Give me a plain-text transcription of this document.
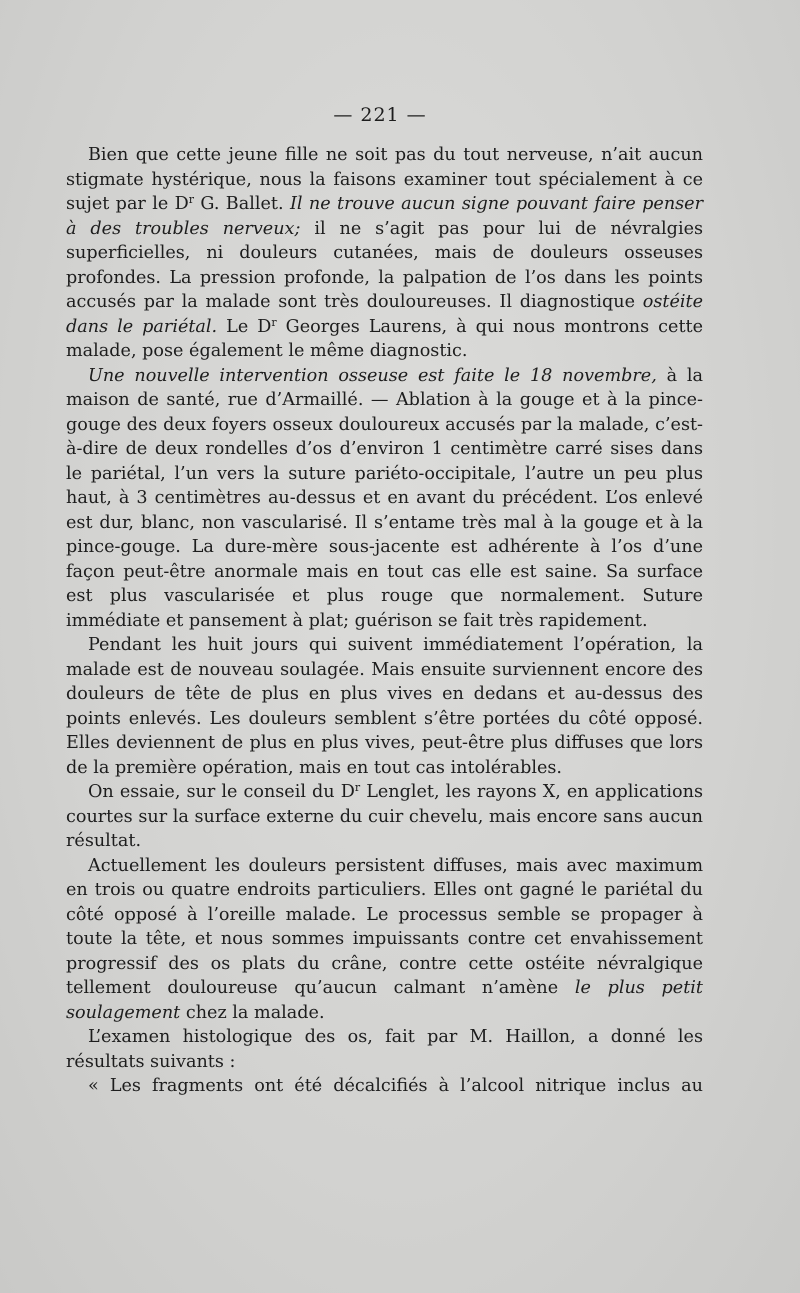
— 221 —

Bien que cette jeune fille ne soit pas du tout nerveuse, n’ait aucun stigmate hystérique, nous la faisons examiner tout spécialement à ce sujet par le $D^r$ G. Ballet. Il ne trouve aucun signe pouvant faire penser à des troubles nerveux; il ne s’agit pas pour lui de névralgies superficielles, ni douleurs cutanées, mais de douleurs osseuses profondes. La pression profonde, la palpation de l’os dans les points accusés par la malade sont très douloureuses. Il diagnostique ostéite dans le pariétal. Le $D^r$ Georges Laurens, à qui nous montrons cette malade, pose également le même diagnostic.

Une nouvelle intervention osseuse est faite le 18 novembre, à la maison de santé, rue d’Armaillé. — Ablation à la gouge et à la pince-gouge des deux foyers osseux douloureux accusés par la malade, c’est-à-dire de deux rondelles d’os d’environ 1 centimètre carré sises dans le pariétal, l’un vers la suture pariéto-occipitale, l’autre un peu plus haut, à 3 centimètres au-dessus et en avant du précédent. L’os enlevé est dur, blanc, non vascularisé. Il s’entame très mal à la gouge et à la pince-gouge. La dure-mère sous-jacente est adhérente à l’os d’une façon peut-être anormale mais en tout cas elle est saine. Sa surface est plus vascularisée et plus rouge que normalement. Suture immédiate et pansement à plat; guérison se fait très rapidement.

Pendant les huit jours qui suivent immédiatement l’opération, la malade est de nouveau soulagée. Mais ensuite surviennent encore des douleurs de tête de plus en plus vives en dedans et au-dessus des points enlevés. Les douleurs semblent s’être portées du côté opposé. Elles deviennent de plus en plus vives, peut-être plus diffuses que lors de la première opération, mais en tout cas intolérables.

On essaie, sur le conseil du $D^r$ Lenglet, les rayons X, en applications courtes sur la surface externe du cuir chevelu, mais encore sans aucun résultat.

Actuellement les douleurs persistent diffuses, mais avec maximum en trois ou quatre endroits particuliers. Elles ont gagné le pariétal du côté opposé à l’oreille malade. Le processus semble se propager à toute la tête, et nous sommes impuissants contre cet envahissement progressif des os plats du crâne, contre cette ostéite névralgique tellement douloureuse qu’aucun calmant n’amène le plus petit soulagement chez la malade.

L’examen histologique des os, fait par M. Haillon, a donné les résultats suivants :

« Les fragments ont été décalcifiés à l’alcool nitrique inclus au
